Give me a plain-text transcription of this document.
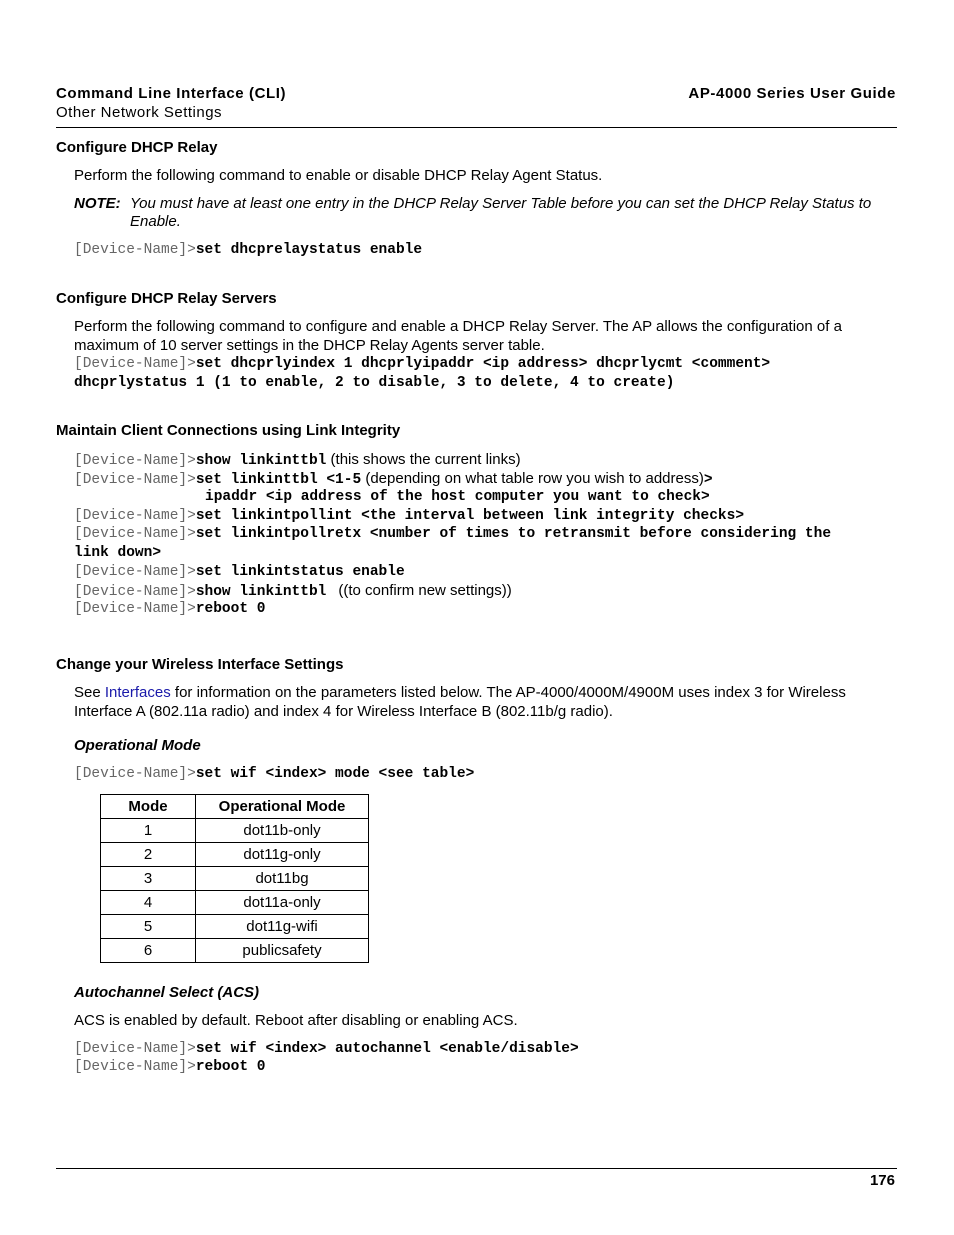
Command Line Interface (CLI)
Other Network Settings
AP-4000 Series User Guide
Configure DHCP Relay
Perform the following command to enable or disable DHCP Relay Agent Status.
NOTE: You must have at least one entry in the DHCP Relay Server Table before you can set the DHCP Relay Status to
Enable.
[Device-Name]>set dhcprelaystatus enable
Configure DHCP Relay Servers
Perform the following command to configure and enable a DHCP Relay Server. The AP allows the configuration of a
maximum of 10 server settings in the DHCP Relay Agents server table.
[Device-Name]>set dhcprlyindex 1 dhcprlyipaddr <ip address> dhcprlycmt <comment>
dhcprlystatus 1 (1 to enable, 2 to disable, 3 to delete, 4 to create)
Maintain Client Connections using Link Integrity
[Device-Name]>show linkinttbl (this shows the current links)
[Device-Name]>set linkinttbl <1-5 (depending on what table row you wish to address)>
ipaddr <ip address of the host computer you want to check>
[Device-Name]>set linkintpollint <the interval between link integrity checks>
[Device-Name]>set linkintpollretx <number of times to retransmit before considering the
link down>
[Device-Name]>set linkintstatus enable
[Device-Name]>show linkinttbl ((to confirm new settings))
[Device-Name]>reboot 0
Change your Wireless Interface Settings
See Interfaces for information on the parameters listed below. The AP-4000/4000M/4900M uses index 3 for Wireless
Interface A (802.11a radio) and index 4 for Wireless Interface B (802.11b/g radio).
Operational Mode
[Device-Name]>set wif <index> mode <see table>
Mode	Operational Mode
1	dot11b-only
2	dot11g-only
3	dot11bg
4	dot11a-only
5	dot11g-wifi
6	publicsafety
Autochannel Select (ACS)
ACS is enabled by default. Reboot after disabling or enabling ACS.
[Device-Name]>set wif <index> autochannel <enable/disable>
[Device-Name]>reboot 0
176
